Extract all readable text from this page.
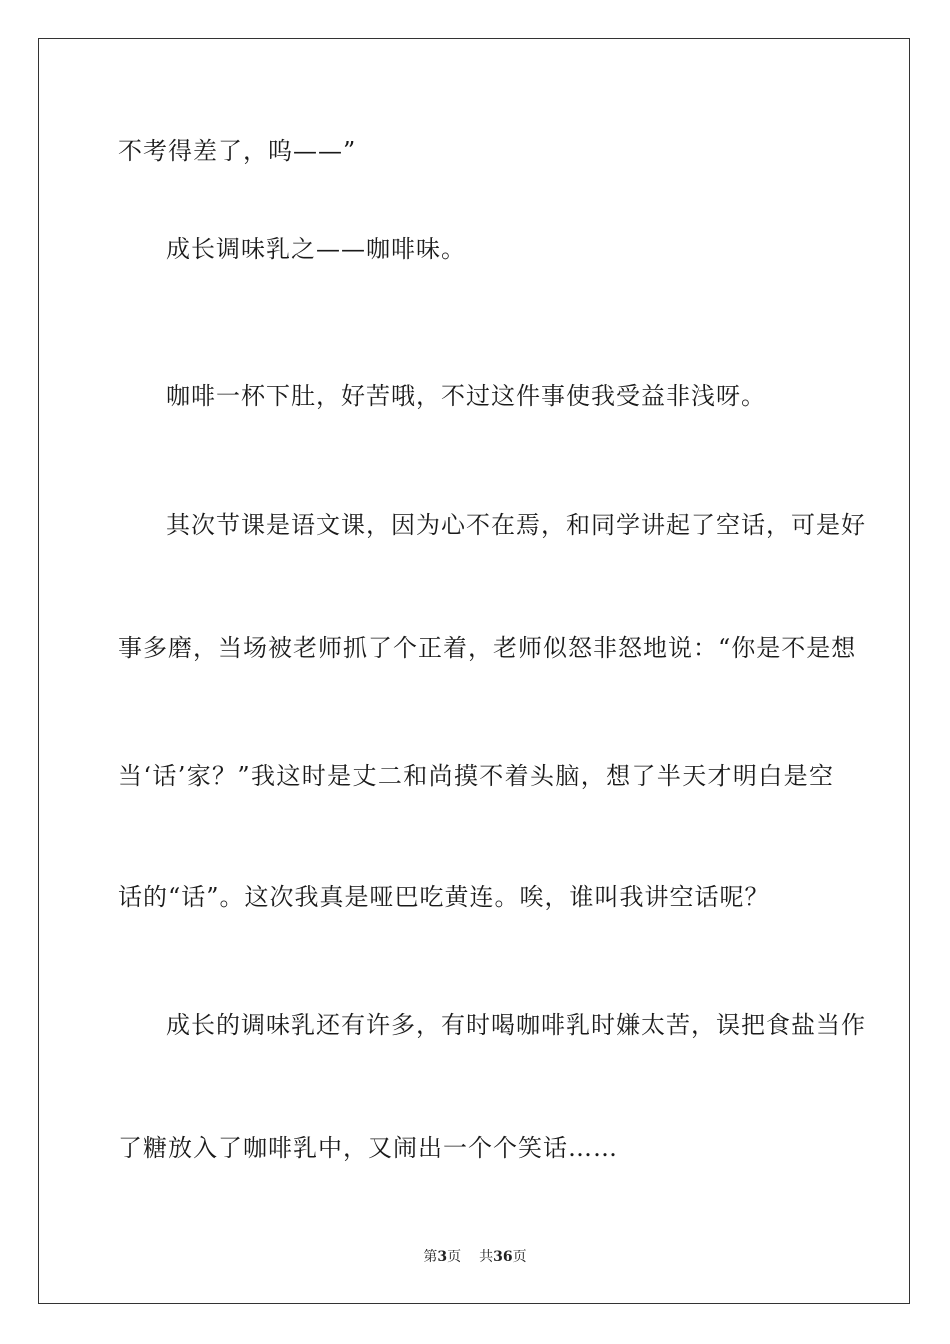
不考得差了，呜——”
成长调味乳之——咖啡味。
咖啡一杯下肚，好苦哦，不过这件事使我受益非浅呀。
其次节课是语文课，因为心不在焉，和同学讲起了空话，可是好
事多磨，当场被老师抓了个正着，老师似怒非怒地说：“你是不是想
当‘话’家？”我这时是丈二和尚摸不着头脑，想了半天才明白是空
话的“话”。这次我真是哑巴吃黄连。唉，谁叫我讲空话呢？
成长的调味乳还有许多，有时喝咖啡乳时嫌太苦，误把食盐当作
了糖放入了咖啡乳中，又闹出一个个笑话……
第3页 共36页
